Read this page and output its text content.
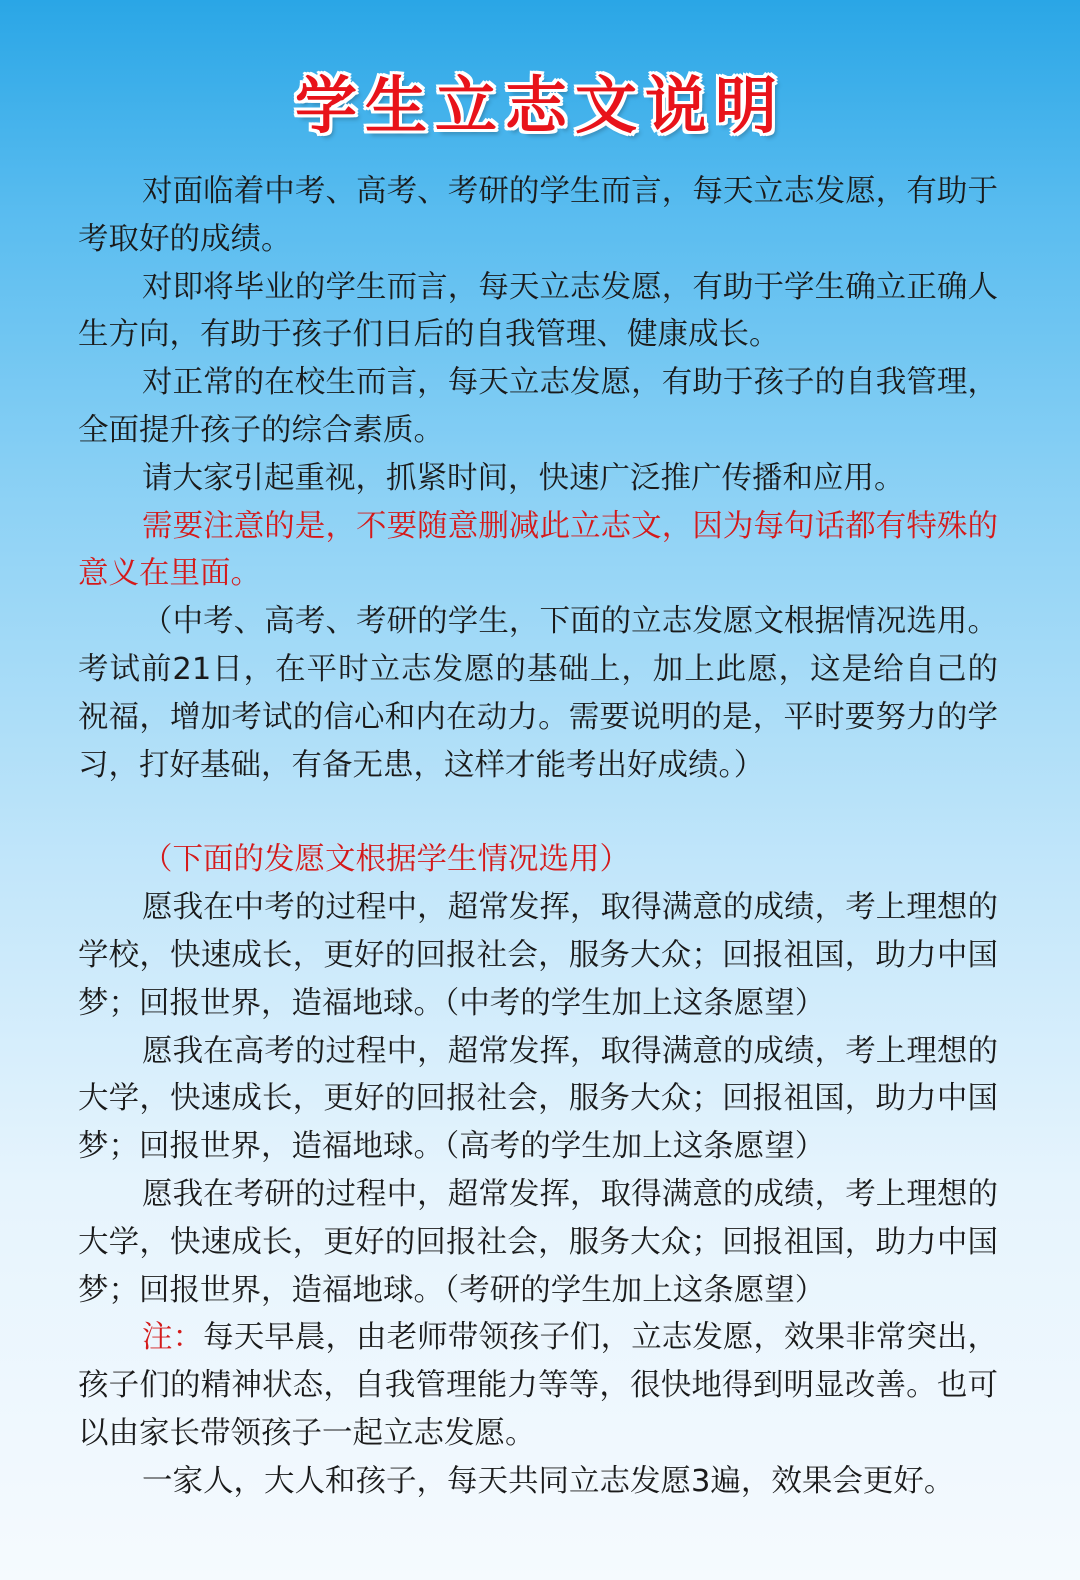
学生立志文说明

对面临着中考、高考、考研的学生而言，每天立志发愿，有助于考取好的成绩。

对即将毕业的学生而言，每天立志发愿，有助于学生确立正确人生方向，有助于孩子们日后的自我管理、健康成长。

对正常的在校生而言，每天立志发愿，有助于孩子的自我管理，全面提升孩子的综合素质。

请大家引起重视，抓紧时间，快速广泛推广传播和应用。

需要注意的是，不要随意删减此立志文，因为每句话都有特殊的意义在里面。

（中考、高考、考研的学生，下面的立志发愿文根据情况选用。考试前21日，在平时立志发愿的基础上，加上此愿，这是给自己的祝福，增加考试的信心和内在动力。需要说明的是，平时要努力的学习，打好基础，有备无患，这样才能考出好成绩。）

（下面的发愿文根据学生情况选用）

愿我在中考的过程中，超常发挥，取得满意的成绩，考上理想的学校，快速成长，更好的回报社会，服务大众；回报祖国，助力中国梦；回报世界，造福地球。（中考的学生加上这条愿望）

愿我在高考的过程中，超常发挥，取得满意的成绩，考上理想的大学，快速成长，更好的回报社会，服务大众；回报祖国，助力中国梦；回报世界，造福地球。（高考的学生加上这条愿望）

愿我在考研的过程中，超常发挥，取得满意的成绩，考上理想的大学，快速成长，更好的回报社会，服务大众；回报祖国，助力中国梦；回报世界，造福地球。（考研的学生加上这条愿望）

注：每天早晨，由老师带领孩子们，立志发愿，效果非常突出，孩子们的精神状态，自我管理能力等等，很快地得到明显改善。也可以由家长带领孩子一起立志发愿。

一家人，大人和孩子，每天共同立志发愿3遍，效果会更好。
